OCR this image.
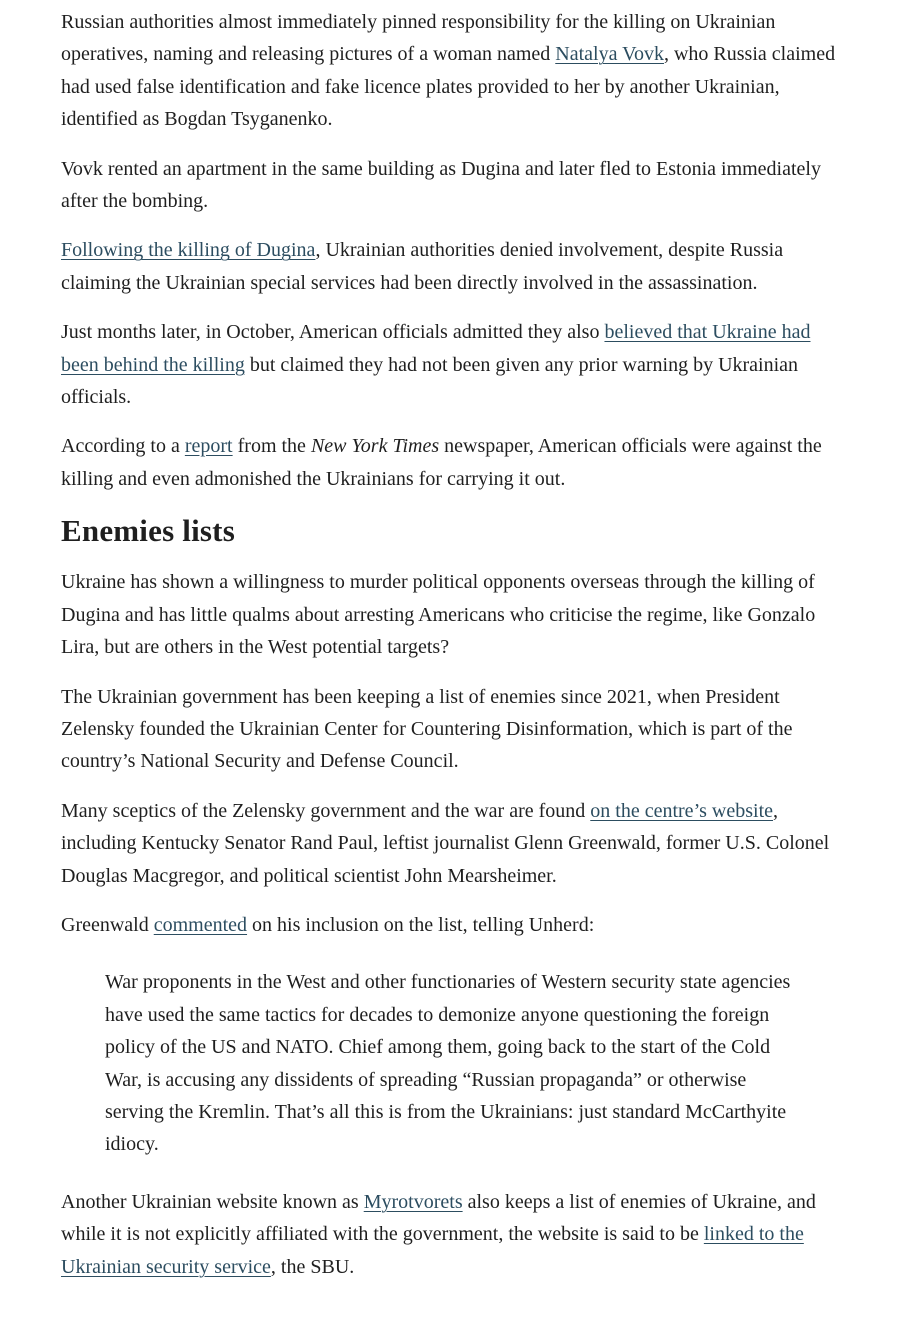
Russian authorities almost immediately pinned responsibility for the killing on Ukrainian operatives, naming and releasing pictures of a woman named Natalya Vovk, who Russia claimed had used false identification and fake licence plates provided to her by another Ukrainian, identified as Bogdan Tsyganenko.

Vovk rented an apartment in the same building as Dugina and later fled to Estonia immediately after the bombing.

Following the killing of Dugina, Ukrainian authorities denied involvement, despite Russia claiming the Ukrainian special services had been directly involved in the assassination.

Just months later, in October, American officials admitted they also believed that Ukraine had been behind the killing but claimed they had not been given any prior warning by Ukrainian officials.

According to a report from the New York Times newspaper, American officials were against the killing and even admonished the Ukrainians for carrying it out.

Enemies lists

Ukraine has shown a willingness to murder political opponents overseas through the killing of Dugina and has little qualms about arresting Americans who criticise the regime, like Gonzalo Lira, but are others in the West potential targets?

The Ukrainian government has been keeping a list of enemies since 2021, when President Zelensky founded the Ukrainian Center for Countering Disinformation, which is part of the country’s National Security and Defense Council.

Many sceptics of the Zelensky government and the war are found on the centre’s website, including Kentucky Senator Rand Paul, leftist journalist Glenn Greenwald, former U.S. Colonel Douglas Macgregor, and political scientist John Mearsheimer.

Greenwald commented on his inclusion on the list, telling Unherd:

War proponents in the West and other functionaries of Western security state agencies have used the same tactics for decades to demonize anyone questioning the foreign policy of the US and NATO. Chief among them, going back to the start of the Cold War, is accusing any dissidents of spreading “Russian propaganda” or otherwise serving the Kremlin. That’s all this is from the Ukrainians: just standard McCarthyite idiocy.

Another Ukrainian website known as Myrotvorets also keeps a list of enemies of Ukraine, and while it is not explicitly affiliated with the government, the website is said to be linked to the Ukrainian security service, the SBU.
